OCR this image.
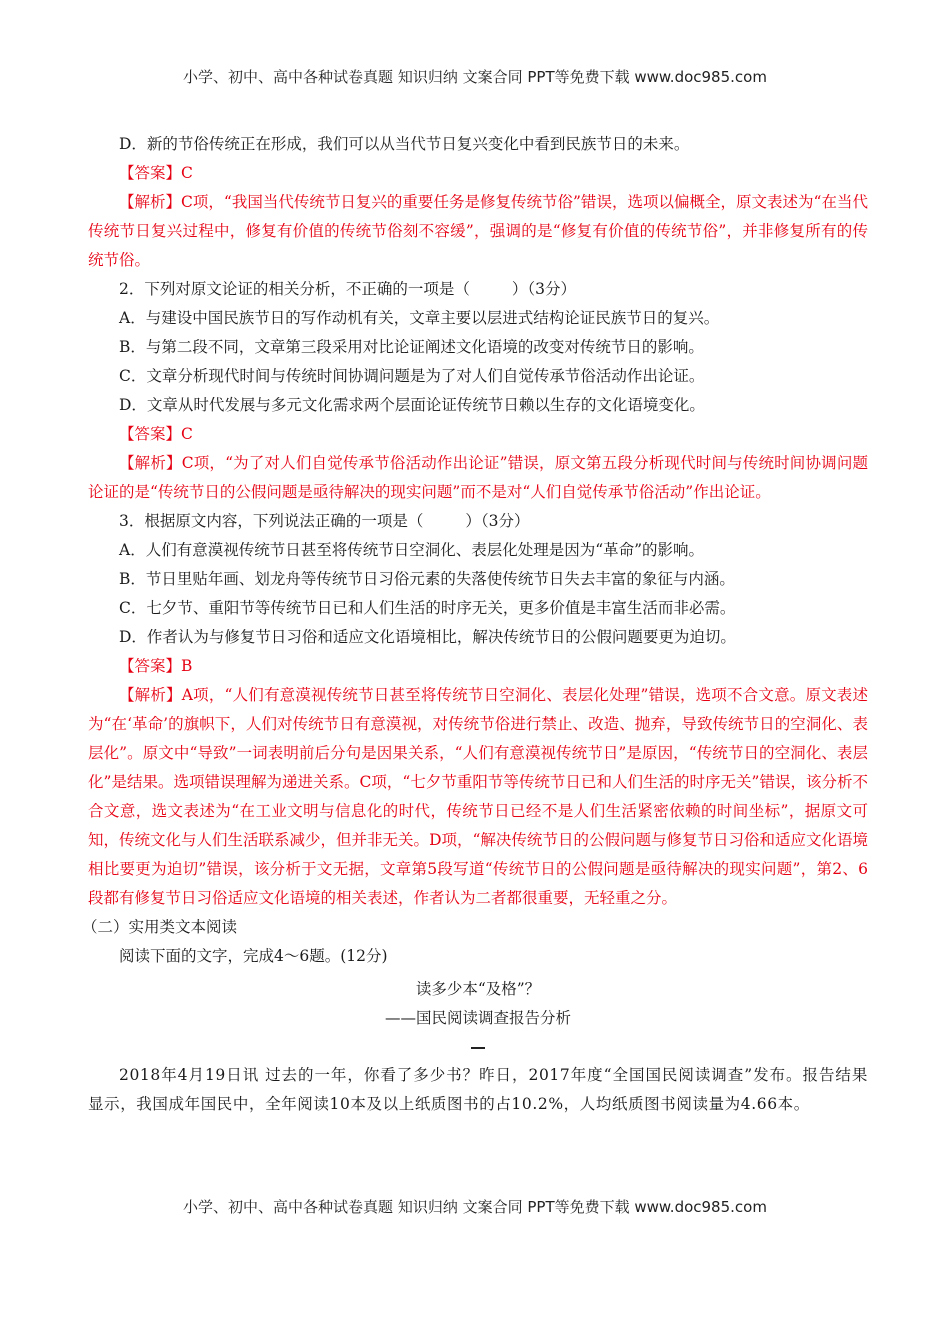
小学、初中、高中各种试卷真题 知识归纳 文案合同 PPT等免费下载 www.doc985.com

D．新的节俗传统正在形成，我们可以从当代节日复兴变化中看到民族节日的未来。

【答案】C

【解析】C项，“我国当代传统节日复兴的重要任务是修复传统节俗”错误，选项以偏概全，原文表述为“在当代传统节日复兴过程中，修复有价值的传统节俗刻不容缓”，强调的是“修复有价值的传统节俗”，并非修复所有的传统节俗。

2．下列对原文论证的相关分析，不正确的一项是（	）（3分）

A．与建设中国民族节日的写作动机有关，文章主要以层进式结构论证民族节日的复兴。

B．与第二段不同，文章第三段采用对比论证阐述文化语境的改变对传统节日的影响。

C．文章分析现代时间与传统时间协调问题是为了对人们自觉传承节俗活动作出论证。

D．文章从时代发展与多元文化需求两个层面论证传统节日赖以生存的文化语境变化。

【答案】C

【解析】C项，“为了对人们自觉传承节俗活动作出论证”错误，原文第五段分析现代时间与传统时间协调问题论证的是“传统节日的公假问题是亟待解决的现实问题”而不是对“人们自觉传承节俗活动”作出论证。

3．根据原文内容，下列说法正确的一项是（	）（3分）

A．人们有意漠视传统节日甚至将传统节日空洞化、表层化处理是因为“革命”的影响。

B．节日里贴年画、划龙舟等传统节日习俗元素的失落使传统节日失去丰富的象征与内涵。

C．七夕节、重阳节等传统节日已和人们生活的时序无关，更多价值是丰富生活而非必需。

D．作者认为与修复节日习俗和适应文化语境相比，解决传统节日的公假问题要更为迫切。

【答案】B

【解析】A项，“人们有意漠视传统节日甚至将传统节日空洞化、表层化处理”错误，选项不合文意。原文表述为“在‘革命’的旗帜下，人们对传统节日有意漠视，对传统节俗进行禁止、改造、抛弃，导致传统节日的空洞化、表层化”。原文中“导致”一词表明前后分句是因果关系，“人们有意漠视传统节日”是原因，“传统节日的空洞化、表层化”是结果。选项错误理解为递进关系。C项，“七夕节重阳节等传统节日已和人们生活的时序无关”错误，该分析不合文意，选文表述为“在工业文明与信息化的时代，传统节日已经不是人们生活紧密依赖的时间坐标”，据原文可知，传统文化与人们生活联系减少，但并非无关。D项，“解决传统节日的公假问题与修复节日习俗和适应文化语境相比要更为迫切”错误，该分析于文无据，文章第5段写道“传统节日的公假问题是亟待解决的现实问题”，第2、6段都有修复节日习俗适应文化语境的相关表述，作者认为二者都很重要，无轻重之分。

（二）实用类文本阅读

阅读下面的文字，完成4～6题。(12分)

读多少本“及格”？

——国民阅读调查报告分析

2018年4月19日讯 过去的一年，你看了多少书？昨日，2017年度“全国国民阅读调查”发布。报告结果显示，我国成年国民中，全年阅读10本及以上纸质图书的占10.2%，人均纸质图书阅读量为4.66本。

小学、初中、高中各种试卷真题 知识归纳 文案合同 PPT等免费下载 www.doc985.com
